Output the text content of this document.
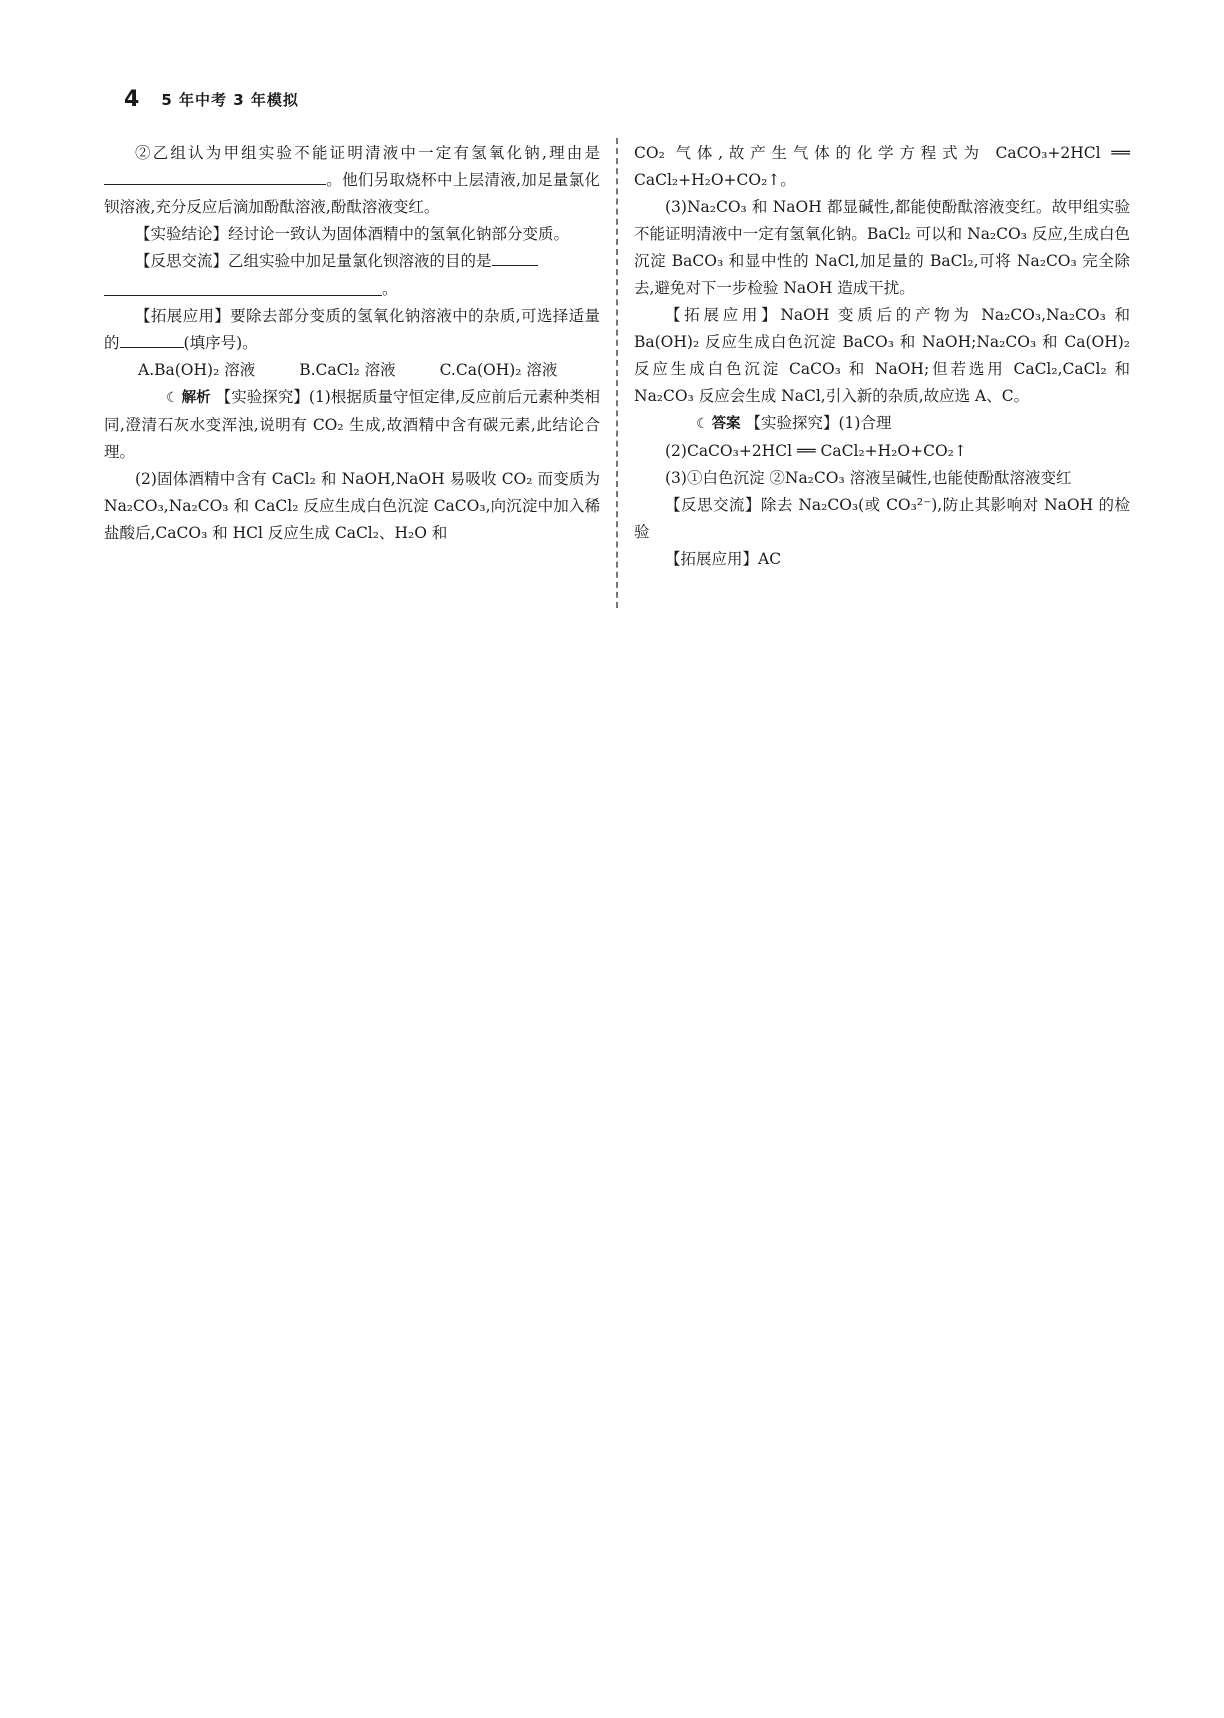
4 5 年中考 3 年模拟

②乙组认为甲组实验不能证明清液中一定有氢氧化钠,理由是。他们另取烧杯中上层清液,加足量氯化钡溶液,充分反应后滴加酚酞溶液,酚酞溶液变红。

【实验结论】经讨论一致认为固体酒精中的氢氧化钠部分变质。

【反思交流】乙组实验中加足量氯化钡溶液的目的是

。

【拓展应用】要除去部分变质的氢氧化钠溶液中的杂质,可选择适量的	(填序号)。

A.Ba(OH)₂ 溶液	B.CaCl₂ 溶液	C.Ca(OH)₂ 溶液

☾ 解析 【实验探究】(1)根据质量守恒定律,反应前后元素种类相同,澄清石灰水变浑浊,说明有 CO₂ 生成,故酒精中含有碳元素,此结论合理。

(2)固体酒精中含有 CaCl₂ 和 NaOH,NaOH 易吸收 CO₂ 而变质为 Na₂CO₃,Na₂CO₃ 和 CaCl₂ 反应生成白色沉淀 CaCO₃,向沉淀中加入稀盐酸后,CaCO₃ 和 HCl 反应生成 CaCl₂、H₂O 和

CO₂ 气体,故产生气体的化学方程式为 CaCO₃+2HCl ══ CaCl₂+H₂O+CO₂↑。

(3)Na₂CO₃ 和 NaOH 都显碱性,都能使酚酞溶液变红。故甲组实验不能证明清液中一定有氢氧化钠。BaCl₂ 可以和 Na₂CO₃ 反应,生成白色沉淀 BaCO₃ 和显中性的 NaCl,加足量的 BaCl₂,可将 Na₂CO₃ 完全除去,避免对下一步检验 NaOH 造成干扰。

【拓展应用】NaOH 变质后的产物为 Na₂CO₃,Na₂CO₃ 和 Ba(OH)₂ 反应生成白色沉淀 BaCO₃ 和 NaOH;Na₂CO₃ 和 Ca(OH)₂ 反应生成白色沉淀 CaCO₃ 和 NaOH;但若选用 CaCl₂,CaCl₂ 和 Na₂CO₃ 反应会生成 NaCl,引入新的杂质,故应选 A、C。

☾ 答案 【实验探究】(1)合理

(2)CaCO₃+2HCl ══ CaCl₂+H₂O+CO₂↑

(3)①白色沉淀 ②Na₂CO₃ 溶液呈碱性,也能使酚酞溶液变红

【反思交流】除去 Na₂CO₃(或 CO₃²⁻),防止其影响对 NaOH 的检验

【拓展应用】AC
